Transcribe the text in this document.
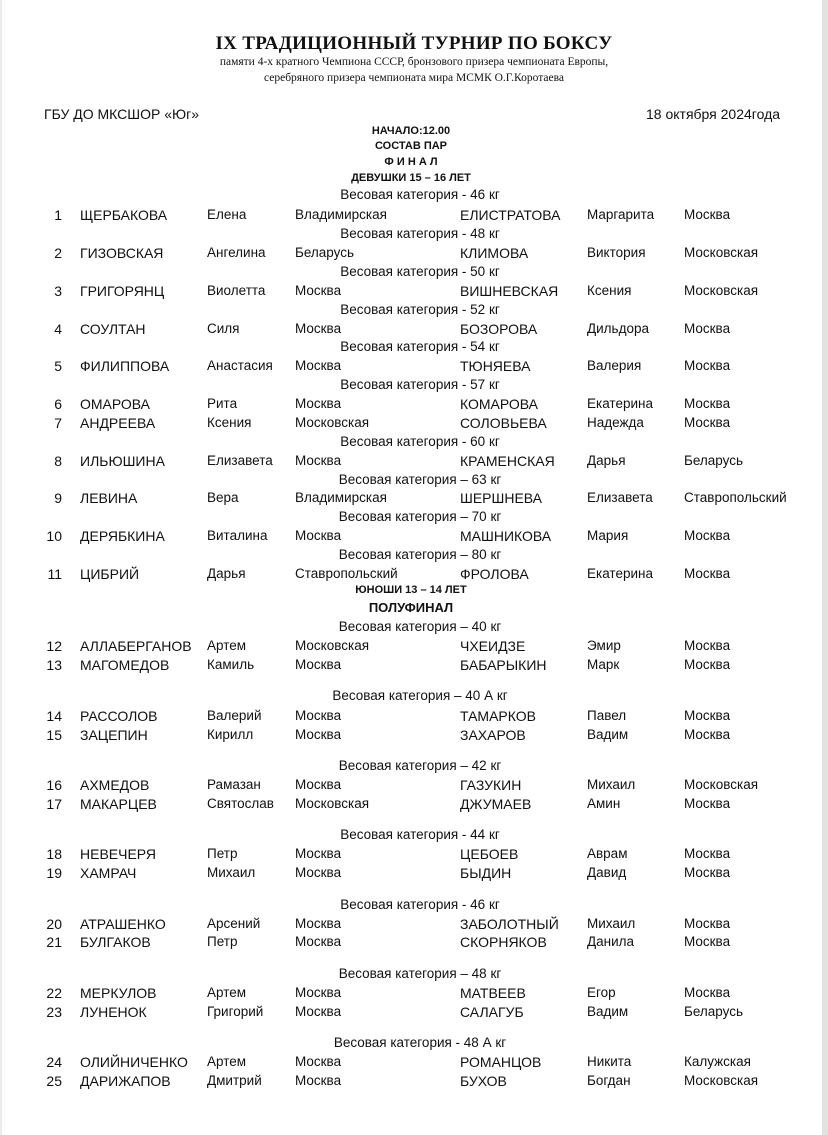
IX ТРАДИЦИОННЫЙ ТУРНИР ПО БОКСУ
памяти 4-х кратного Чемпиона СССР, бронзового призера чемпионата Европы,
серебряного призера чемпионата мира МСМК О.Г.Коротаева
ГБУ ДО МКСШОР «Юг»	18 октября 2024года
НАЧАЛО:12.00
СОСТАВ ПАР
Ф И Н А Л
ДЕВУШКИ 15 – 16 ЛЕТ
ЮНОШИ 13 – 14 ЛЕТ
ПОЛУФИНАЛ
Весовая категория - 46 кг
Весовая категория - 48 кг
Весовая категория - 50 кг
Весовая категория - 52 кг
Весовая категория - 54 кг
Весовая категория - 57 кг
Весовая категория - 60 кг
Весовая категория – 63 кг
Весовая категория – 70 кг
Весовая категория – 80 кг
Весовая категория – 40 кг
Весовая категория – 40 А кг
Весовая категория – 42 кг
Весовая категория - 44 кг
Весовая категория - 46 кг
Весовая категория – 48 кг
Весовая категория - 48 А кг
1 ЩЕРБАКОВА	Елена	Владимирская	ЕЛИСТРАТОВА Маргарита Москва
2 ГИЗОВСКАЯ	Ангелина Беларусь	КЛИМОВА	Виктория	Московская
3 ГРИГОРЯНЦ	Виолетта Москва	ВИШНЕВСКАЯ Ксения	Московская
4 СОУЛТАН	Силя	Москва	БОЗОРОВА	Дильдора	Москва
5 ФИЛИППОВА	Анастасия Москва	ТЮНЯЕВА	Валерия	Москва
6 ОМАРОВА	Рита	Москва	КОМАРОВА	Екатерина Москва
7 АНДРЕЕВА	Ксения	Московская	СОЛОВЬЕВА	Надежда	Москва
8 ИЛЬЮШИНА	Елизавета Москва	КРАМЕНСКАЯ Дарья	Беларусь
9 ЛЕВИНА	Вера	Владимирская	ШЕРШНЕВА	Елизавета Ставропольский
10 ДЕРЯБКИНА	Виталина Москва	МАШНИКОВА	Мария	Москва
11 ЦИБРИЙ	Дарья	Ставропольский	ФРОЛОВА	Екатерина Москва
12 АЛЛАБЕРГАНОВ Артем	Московская	ЧХЕИДЗЕ	Эмир	Москва
13 МАГОМЕДОВ	Камиль	Москва	БАБАРЫКИН	Марк	Москва
14 РАССОЛОВ	Валерий Москва	ТАМАРКОВ	Павел	Москва
15 ЗАЦЕПИН	Кирилл	Москва	ЗАХАРОВ	Вадим	Москва
16 АХМЕДОВ	Рамазан	Москва	ГАЗУКИН	Михаил	Московская
17 МАКАРЦЕВ	Святослав Московская	ДЖУМАЕВ	Амин	Москва
18 НЕВЕЧЕРЯ	Петр	Москва	ЦЕБОЕВ	Аврам	Москва
19 ХАМРАЧ	Михаил	Москва	БЫДИН	Давид	Москва
20 АТРАШЕНКО	Арсений	Москва	ЗАБОЛОТНЫЙ Михаил	Москва
21 БУЛГАКОВ	Петр	Москва	СКОРНЯКОВ	Данила	Москва
22 МЕРКУЛОВ	Артем	Москва	МАТВЕЕВ	Егор	Москва
23 ЛУНЕНОК	Григорий Москва	САЛАГУБ	Вадим	Беларусь
24 ОЛИЙНИЧЕНКО Артем	Москва	РОМАНЦОВ	Никита	Калужская
25 ДАРИЖАПОВ	Дмитрий Москва	БУХОВ	Богдан	Московская
